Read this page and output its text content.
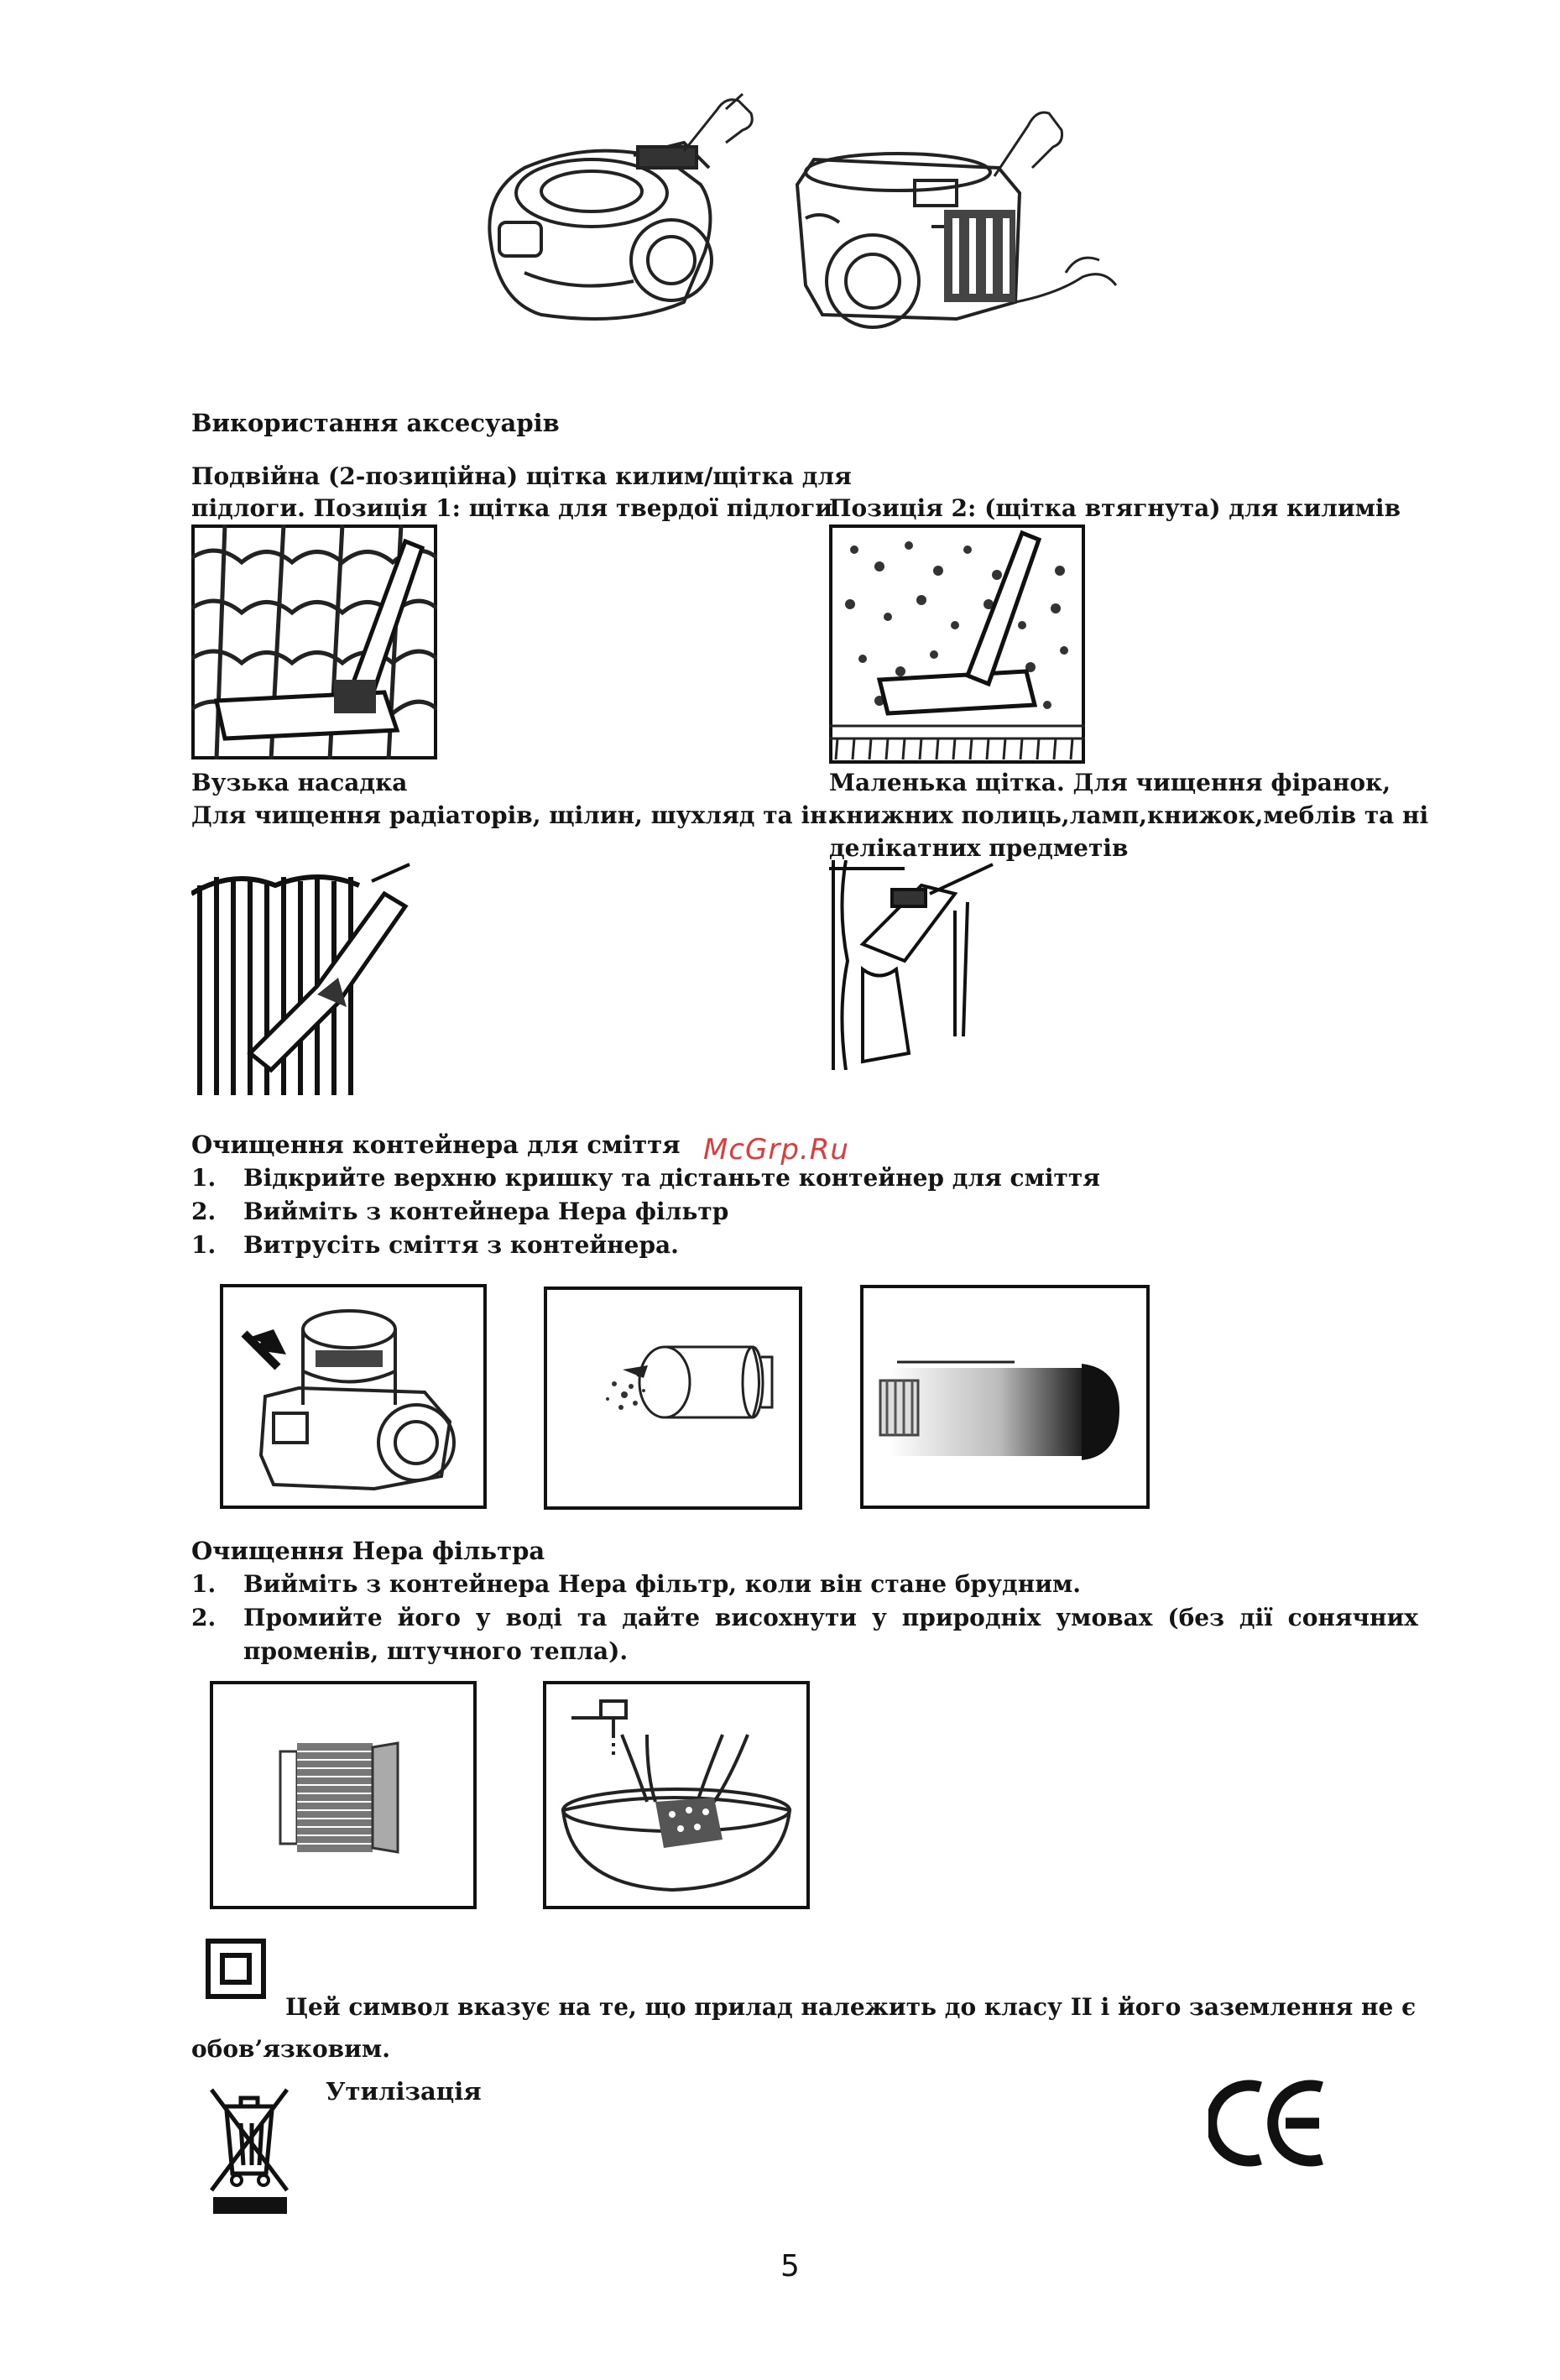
Використання аксесуарів
Подвійна (2-позиційна) щітка килим/щітка для
підлоги. Позиція 1: щітка для твердої підлоги
Позиція 2: (щітка втягнута) для килимів
Вузька насадка
Для чищення радіаторів, щілин, шухляд та ін.
Маленька щітка. Для чищення фіранок,
книжних полиць,ламп,книжок,меблів та ні
делікатних предметів
Очищення контейнера для сміття
1. Відкрийте верхню кришку та дістаньте контейнер для сміття
2. Вийміть з контейнера Нера фільтр
1. Витрусіть сміття з контейнера.
McGrp.Ru
Очищення Нера фільтра
1. Вийміть з контейнера Нера фільтр, коли він стане брудним.
2. Промийте його у воді та дайте висохнути у природніх умовах (без дії сонячних променів, штучного тепла).
Цей символ вказує на те, що прилад належить до класу ІІ і його заземлення не є
обов’язковим.
Утилізація
5
